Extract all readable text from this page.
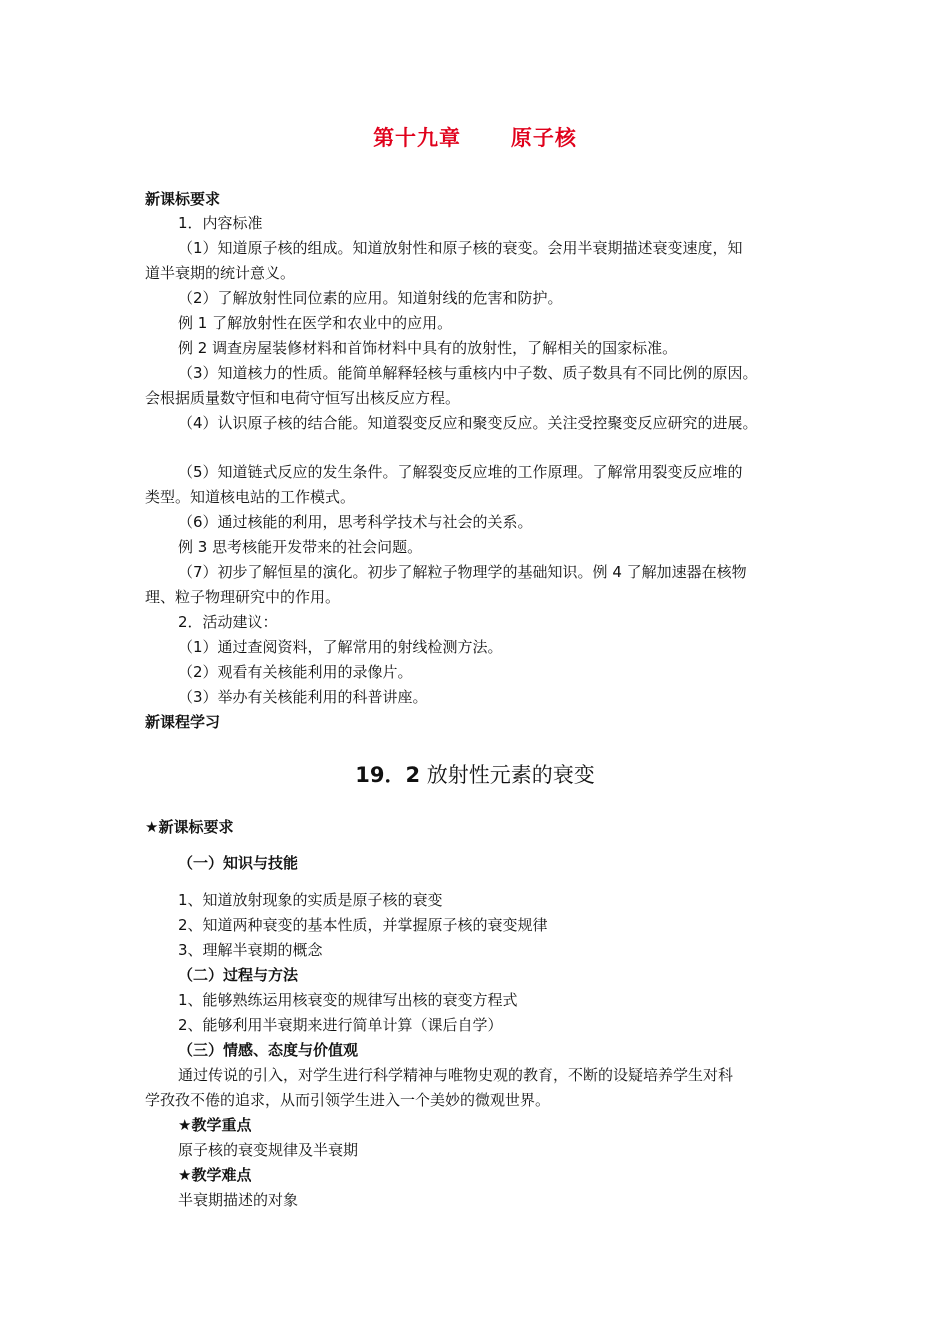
第十九章      原子核
新课标要求
1．内容标准
（1）知道原子核的组成。知道放射性和原子核的衰变。会用半衰期描述衰变速度，知
道半衰期的统计意义。
（2）了解放射性同位素的应用。知道射线的危害和防护。
例 1 了解放射性在医学和农业中的应用。
例 2 调查房屋装修材料和首饰材料中具有的放射性，了解相关的国家标准。
（3）知道核力的性质。能简单解释轻核与重核内中子数、质子数具有不同比例的原因。
会根据质量数守恒和电荷守恒写出核反应方程。
（4）认识原子核的结合能。知道裂变反应和聚变反应。关注受控聚变反应研究的进展。
（5）知道链式反应的发生条件。了解裂变反应堆的工作原理。了解常用裂变反应堆的
类型。知道核电站的工作模式。
（6）通过核能的利用，思考科学技术与社会的关系。
例 3 思考核能开发带来的社会问题。
（7）初步了解恒星的演化。初步了解粒子物理学的基础知识。例 4 了解加速器在核物
理、粒子物理研究中的作用。
2．活动建议：
（1）通过查阅资料，了解常用的射线检测方法。
（2）观看有关核能利用的录像片。
（3）举办有关核能利用的科普讲座。
新课程学习
19．2 放射性元素的衰变
★新课标要求
（一）知识与技能
1、知道放射现象的实质是原子核的衰变
2、知道两种衰变的基本性质，并掌握原子核的衰变规律
3、理解半衰期的概念
（二）过程与方法
1、能够熟练运用核衰变的规律写出核的衰变方程式
2、能够利用半衰期来进行简单计算（课后自学）
（三）情感、态度与价值观
通过传说的引入，对学生进行科学精神与唯物史观的教育，不断的设疑培养学生对科
学孜孜不倦的追求，从而引领学生进入一个美妙的微观世界。
★教学重点
原子核的衰变规律及半衰期
★教学难点
半衰期描述的对象
